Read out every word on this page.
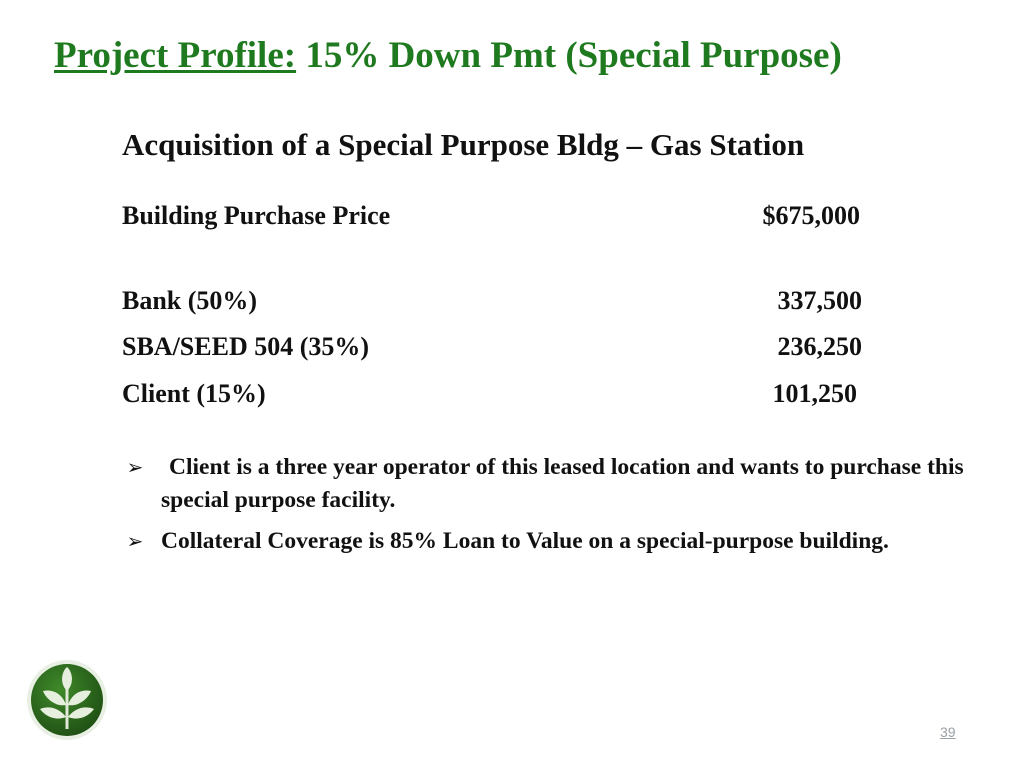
Project Profile: 15% Down Pmt (Special Purpose)
Acquisition of a Special Purpose Bldg – Gas Station
Building Purchase Price	$675,000
Bank (50%)	337,500
SBA/SEED 504 (35%)	236,250
Client (15%)	101,250
➢ Client is a three year operator of this leased location and wants to purchase this special purpose facility.
➢ Collateral Coverage is 85% Loan to Value on a special-purpose building.
39
